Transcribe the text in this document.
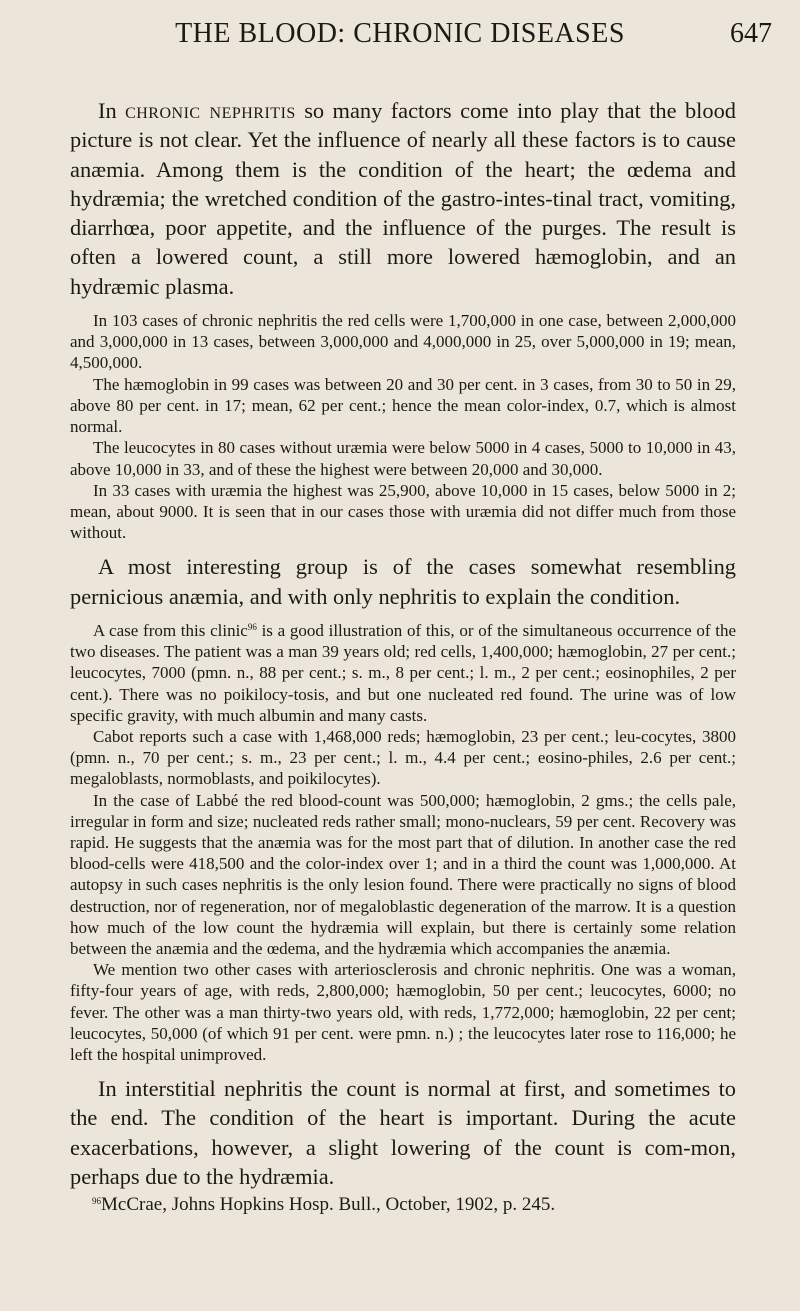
THE BLOOD: CHRONIC DISEASES	647

In chronic nephritis so many factors come into play that the blood picture is not clear. Yet the influence of nearly all these factors is to cause anæmia. Among them is the condition of the heart; the œdema and hydræmia; the wretched condition of the gastro-intes-tinal tract, vomiting, diarrhœa, poor appetite, and the influence of the purges. The result is often a lowered count, a still more lowered hæmoglobin, and an hydræmic plasma.

In 103 cases of chronic nephritis the red cells were 1,700,000 in one case, between 2,000,000 and 3,000,000 in 13 cases, between 3,000,000 and 4,000,000 in 25, over 5,000,000 in 19; mean, 4,500,000.

The hæmoglobin in 99 cases was between 20 and 30 per cent. in 3 cases, from 30 to 50 in 29, above 80 per cent. in 17; mean, 62 per cent.; hence the mean color-index, 0.7, which is almost normal.

The leucocytes in 80 cases without uræmia were below 5000 in 4 cases, 5000 to 10,000 in 43, above 10,000 in 33, and of these the highest were between 20,000 and 30,000.

In 33 cases with uræmia the highest was 25,900, above 10,000 in 15 cases, below 5000 in 2; mean, about 9000. It is seen that in our cases those with uræmia did not differ much from those without.

A most interesting group is of the cases somewhat resembling pernicious anæmia, and with only nephritis to explain the condition.

A case from this clinic$^{96}$ is a good illustration of this, or of the simultaneous occurrence of the two diseases. The patient was a man 39 years old; red cells, 1,400,000; hæmoglobin, 27 per cent.; leucocytes, 7000 (pmn. n., 88 per cent.; s. m., 8 per cent.; l. m., 2 per cent.; eosinophiles, 2 per cent.). There was no poikilocy-tosis, and but one nucleated red found. The urine was of low specific gravity, with much albumin and many casts.

Cabot reports such a case with 1,468,000 reds; hæmoglobin, 23 per cent.; leu-cocytes, 3800 (pmn. n., 70 per cent.; s. m., 23 per cent.; l. m., 4.4 per cent.; eosino-philes, 2.6 per cent.; megaloblasts, normoblasts, and poikilocytes).

In the case of Labbé the red blood-count was 500,000; hæmoglobin, 2 gms.; the cells pale, irregular in form and size; nucleated reds rather small; mono-nuclears, 59 per cent. Recovery was rapid. He suggests that the anæmia was for the most part that of dilution. In another case the red blood-cells were 418,500 and the color-index over 1; and in a third the count was 1,000,000. At autopsy in such cases nephritis is the only lesion found. There were practically no signs of blood destruction, nor of regeneration, nor of megaloblastic degeneration of the marrow. It is a question how much of the low count the hydræmia will explain, but there is certainly some relation between the anæmia and the œdema, and the hydræmia which accompanies the anæmia.

We mention two other cases with arteriosclerosis and chronic nephritis. One was a woman, fifty-four years of age, with reds, 2,800,000; hæmoglobin, 50 per cent.; leucocytes, 6000; no fever. The other was a man thirty-two years old, with reds, 1,772,000; hæmoglobin, 22 per cent; leucocytes, 50,000 (of which 91 per cent. were pmn. n.) ; the leucocytes later rose to 116,000; he left the hospital unimproved.

In interstitial nephritis the count is normal at first, and sometimes to the end. The condition of the heart is important. During the acute exacerbations, however, a slight lowering of the count is com-mon, perhaps due to the hydræmia.

$^{96}$McCrae, Johns Hopkins Hosp. Bull., October, 1902, p. 245.
